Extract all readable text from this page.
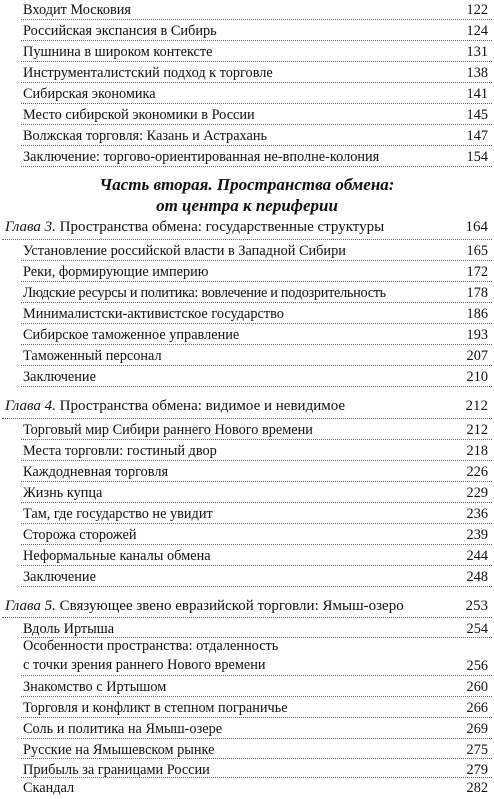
Входит Московия	122
Российская экспансия в Сибирь	124
Пушнина в широком контексте	131
Инструменталистский подход к торговле	138
Сибирская экономика	141
Место сибирской экономики в России	145
Волжская торговля: Казань и Астрахань	147
Заключение: торгово-ориентированная не-вполне-колония	154
Часть вторая. Пространства обмена:
от центра к периферии
Глава 3. Пространства обмена: государственные структуры	164
Установление российской власти в Западной Сибири	165
Реки, формирующие империю	172
Людские ресурсы и политика: вовлечение и подозрительность	178
Минималистски-активистское государство	186
Сибирское таможенное управление	193
Таможенный персонал	207
Заключение	210
Глава 4. Пространства обмена: видимое и невидимое	212
Торговый мир Сибири раннего Нового времени	212
Места торговли: гостиный двор	218
Каждодневная торговля	226
Жизнь купца	229
Там, где государство не увидит	236
Сторожа сторожей	239
Неформальные каналы обмена	244
Заключение	248
Глава 5. Связующее звено евразийской торговли: Ямыш-озеро	253
Вдоль Иртыша	254
Особенности пространства: отдаленность
с точки зрения раннего Нового времени	256
Знакомство с Иртышом	260
Торговля и конфликт в степном пограничье	266
Соль и политика на Ямыш-озере	269
Русские на Ямышевском рынке	275
Прибыль за границами России	279
Скандал	282
